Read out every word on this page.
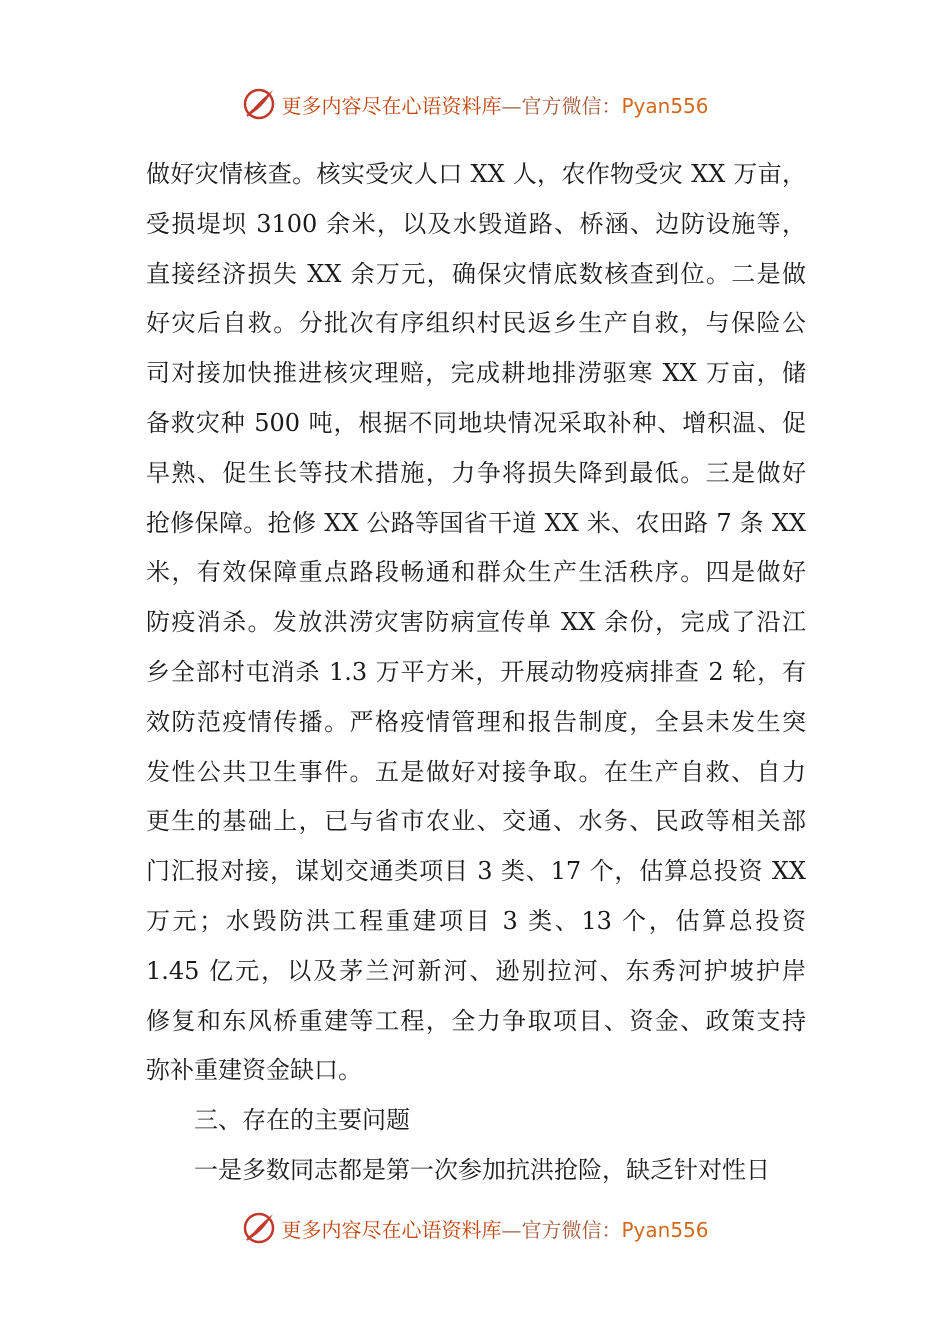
更多内容尽在心语资料库—官方微信：Pyan556
做好灾情核查。核实受灾人口 XX 人，农作物受灾 XX 万亩，
受损堤坝 3100 余米，以及水毁道路、桥涵、边防设施等，
直接经济损失 XX 余万元，确保灾情底数核查到位。二是做
好灾后自救。分批次有序组织村民返乡生产自救，与保险公
司对接加快推进核灾理赔，完成耕地排涝驱寒 XX 万亩，储
备救灾种 500 吨，根据不同地块情况采取补种、增积温、促
早熟、促生长等技术措施，力争将损失降到最低。三是做好
抢修保障。抢修 XX 公路等国省干道 XX 米、农田路 7 条 XX
米，有效保障重点路段畅通和群众生产生活秩序。四是做好
防疫消杀。发放洪涝灾害防病宣传单 XX 余份，完成了沿江
乡全部村屯消杀 1.3 万平方米，开展动物疫病排查 2 轮，有
效防范疫情传播。严格疫情管理和报告制度，全县未发生突
发性公共卫生事件。五是做好对接争取。在生产自救、自力
更生的基础上，已与省市农业、交通、水务、民政等相关部
门汇报对接，谋划交通类项目 3 类、17 个，估算总投资 XX
万元；水毁防洪工程重建项目 3 类、13 个，估算总投资
1.45 亿元，以及茅兰河新河、逊别拉河、东秀河护坡护岸
修复和东风桥重建等工程，全力争取项目、资金、政策支持
弥补重建资金缺口。
三、存在的主要问题
一是多数同志都是第一次参加抗洪抢险，缺乏针对性日
更多内容尽在心语资料库—官方微信：Pyan556
